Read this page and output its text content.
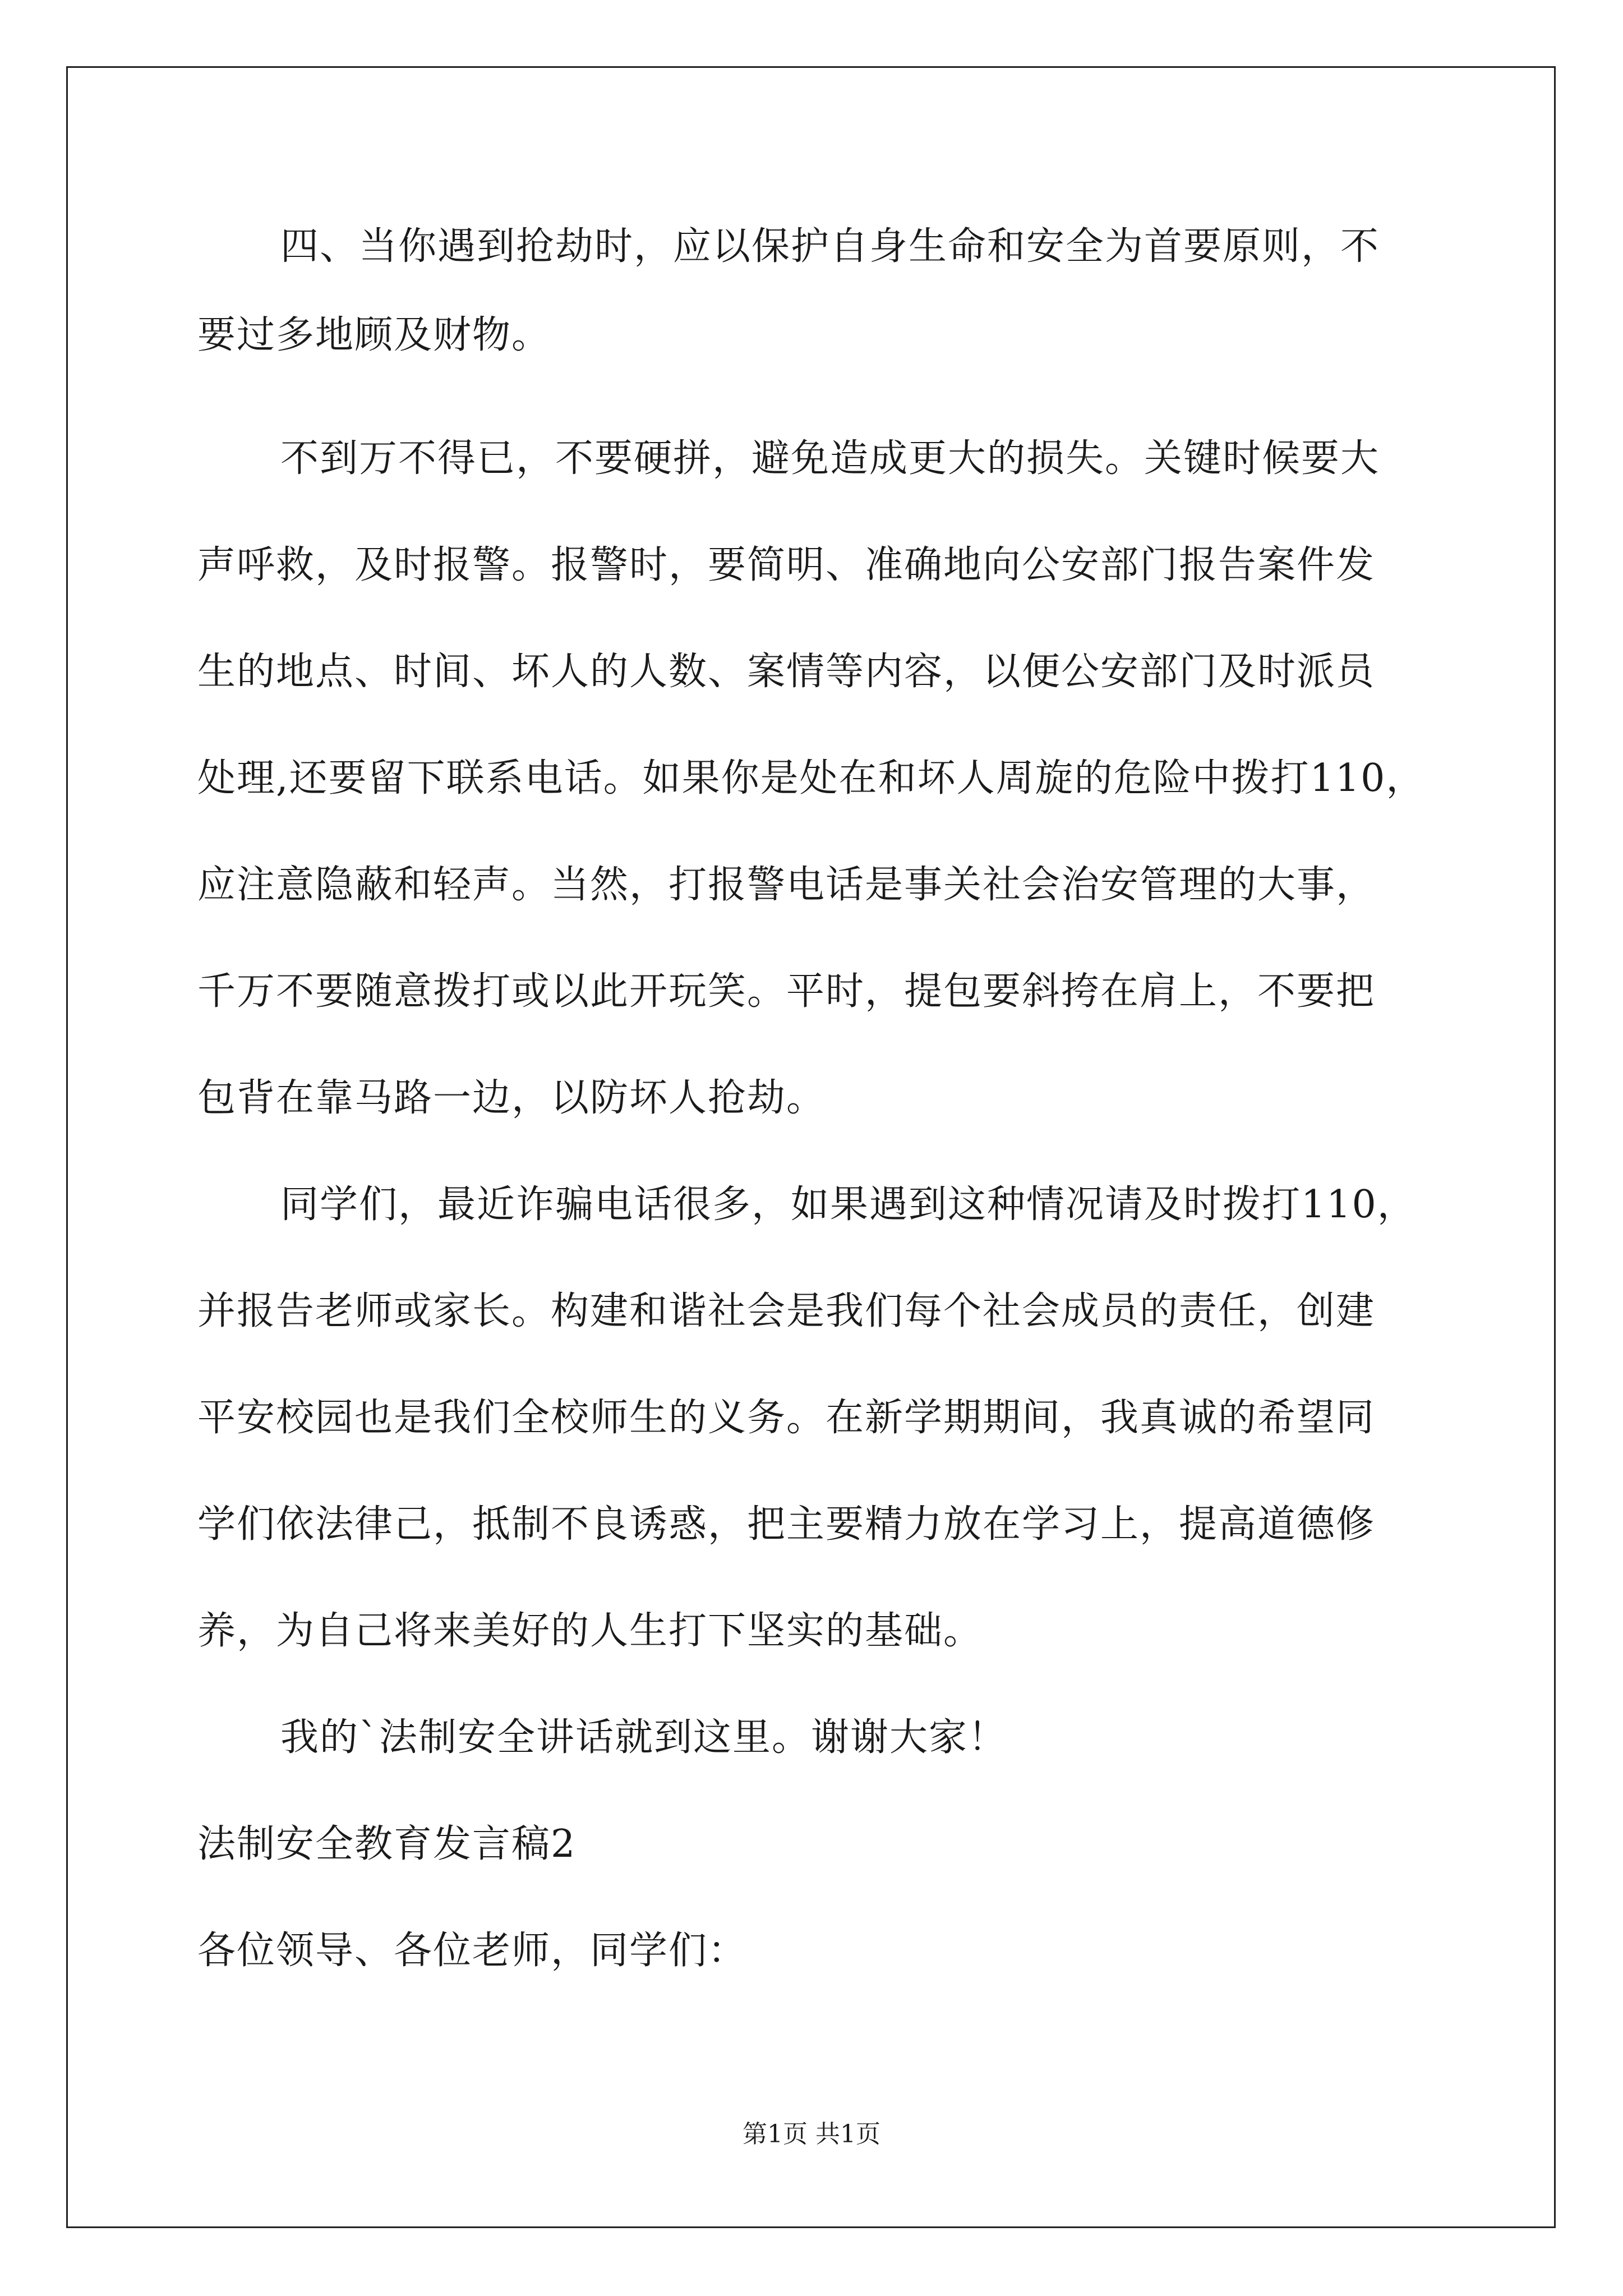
四、当你遇到抢劫时，应以保护自身生命和安全为首要原则，不
要过多地顾及财物。
不到万不得已，不要硬拼，避免造成更大的损失。关键时候要大
声呼救，及时报警。报警时，要简明、准确地向公安部门报告案件发
生的地点、时间、坏人的人数、案情等内容，以便公安部门及时派员
处理,还要留下联系电话。如果你是处在和坏人周旋的危险中拨打110，
应注意隐蔽和轻声。当然，打报警电话是事关社会治安管理的大事，
千万不要随意拨打或以此开玩笑。平时，提包要斜挎在肩上，不要把
包背在靠马路一边，以防坏人抢劫。
同学们，最近诈骗电话很多，如果遇到这种情况请及时拨打110，
并报告老师或家长。构建和谐社会是我们每个社会成员的责任，创建
平安校园也是我们全校师生的义务。在新学期期间，我真诚的希望同
学们依法律己，抵制不良诱惑，把主要精力放在学习上，提高道德修
养，为自己将来美好的人生打下坚实的基础。
我的`法制安全讲话就到这里。谢谢大家！
法制安全教育发言稿2
各位领导、各位老师，同学们：
第1页 共1页
